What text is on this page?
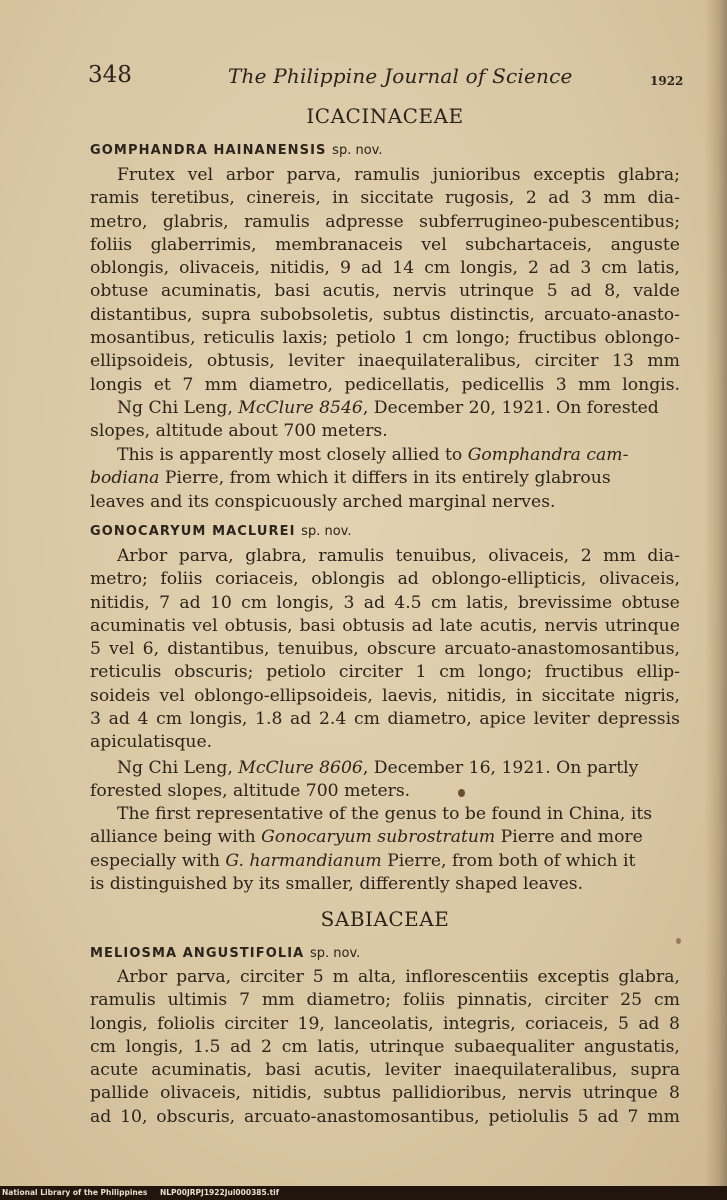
348	The Philippine Journal of Science	1922
ICACINACEAE
GOMPHANDRA HAINANENSIS sp. nov.
Frutex vel arbor parva, ramulis junioribus exceptis glabra;
ramis teretibus, cinereis, in siccitate rugosis, 2 ad 3 mm dia-
metro, glabris, ramulis adpresse subferrugineo-pubescentibus;
foliis glaberrimis, membranaceis vel subchartaceis, anguste
oblongis, olivaceis, nitidis, 9 ad 14 cm longis, 2 ad 3 cm latis,
obtuse acuminatis, basi acutis, nervis utrinque 5 ad 8, valde
distantibus, supra subobsoletis, subtus distinctis, arcuato-anasto-
mosantibus, reticulis laxis; petiolo 1 cm longo; fructibus oblongo-
ellipsoideis, obtusis, leviter inaequilateralibus, circiter 13 mm
longis et 7 mm diametro, pedicellatis, pedicellis 3 mm longis.
Ng Chi Leng, McClure 8546, December 20, 1921. On forested
slopes, altitude about 700 meters.
This is apparently most closely allied to Gomphandra cam-
bodiana Pierre, from which it differs in its entirely glabrous
leaves and its conspicuously arched marginal nerves.
GONOCARYUM MACLUREI sp. nov.
Arbor parva, glabra, ramulis tenuibus, olivaceis, 2 mm dia-
metro; foliis coriaceis, oblongis ad oblongo-ellipticis, olivaceis,
nitidis, 7 ad 10 cm longis, 3 ad 4.5 cm latis, brevissime obtuse
acuminatis vel obtusis, basi obtusis ad late acutis, nervis utrinque
5 vel 6, distantibus, tenuibus, obscure arcuato-anastomosantibus,
reticulis obscuris; petiolo circiter 1 cm longo; fructibus ellip-
soideis vel oblongo-ellipsoideis, laevis, nitidis, in siccitate nigris,
3 ad 4 cm longis, 1.8 ad 2.4 cm diametro, apice leviter depressis
apiculatisque.
Ng Chi Leng, McClure 8606, December 16, 1921. On partly
forested slopes, altitude 700 meters.
The first representative of the genus to be found in China, its
alliance being with Gonocaryum subrostratum Pierre and more
especially with G. harmandianum Pierre, from both of which it
is distinguished by its smaller, differently shaped leaves.
SABIACEAE
MELIOSMA ANGUSTIFOLIA sp. nov.
Arbor parva, circiter 5 m alta, inflorescentiis exceptis glabra,
ramulis ultimis 7 mm diametro; foliis pinnatis, circiter 25 cm
longis, foliolis circiter 19, lanceolatis, integris, coriaceis, 5 ad 8
cm longis, 1.5 ad 2 cm latis, utrinque subaequaliter angustatis,
acute acuminatis, basi acutis, leviter inaequilateralibus, supra
pallide olivaceis, nitidis, subtus pallidioribus, nervis utrinque 8
ad 10, obscuris, arcuato-anastomosantibus, petiolulis 5 ad 7 mm
National Library of the Philippines NLP00JRPJ1922Jul000385.tif
